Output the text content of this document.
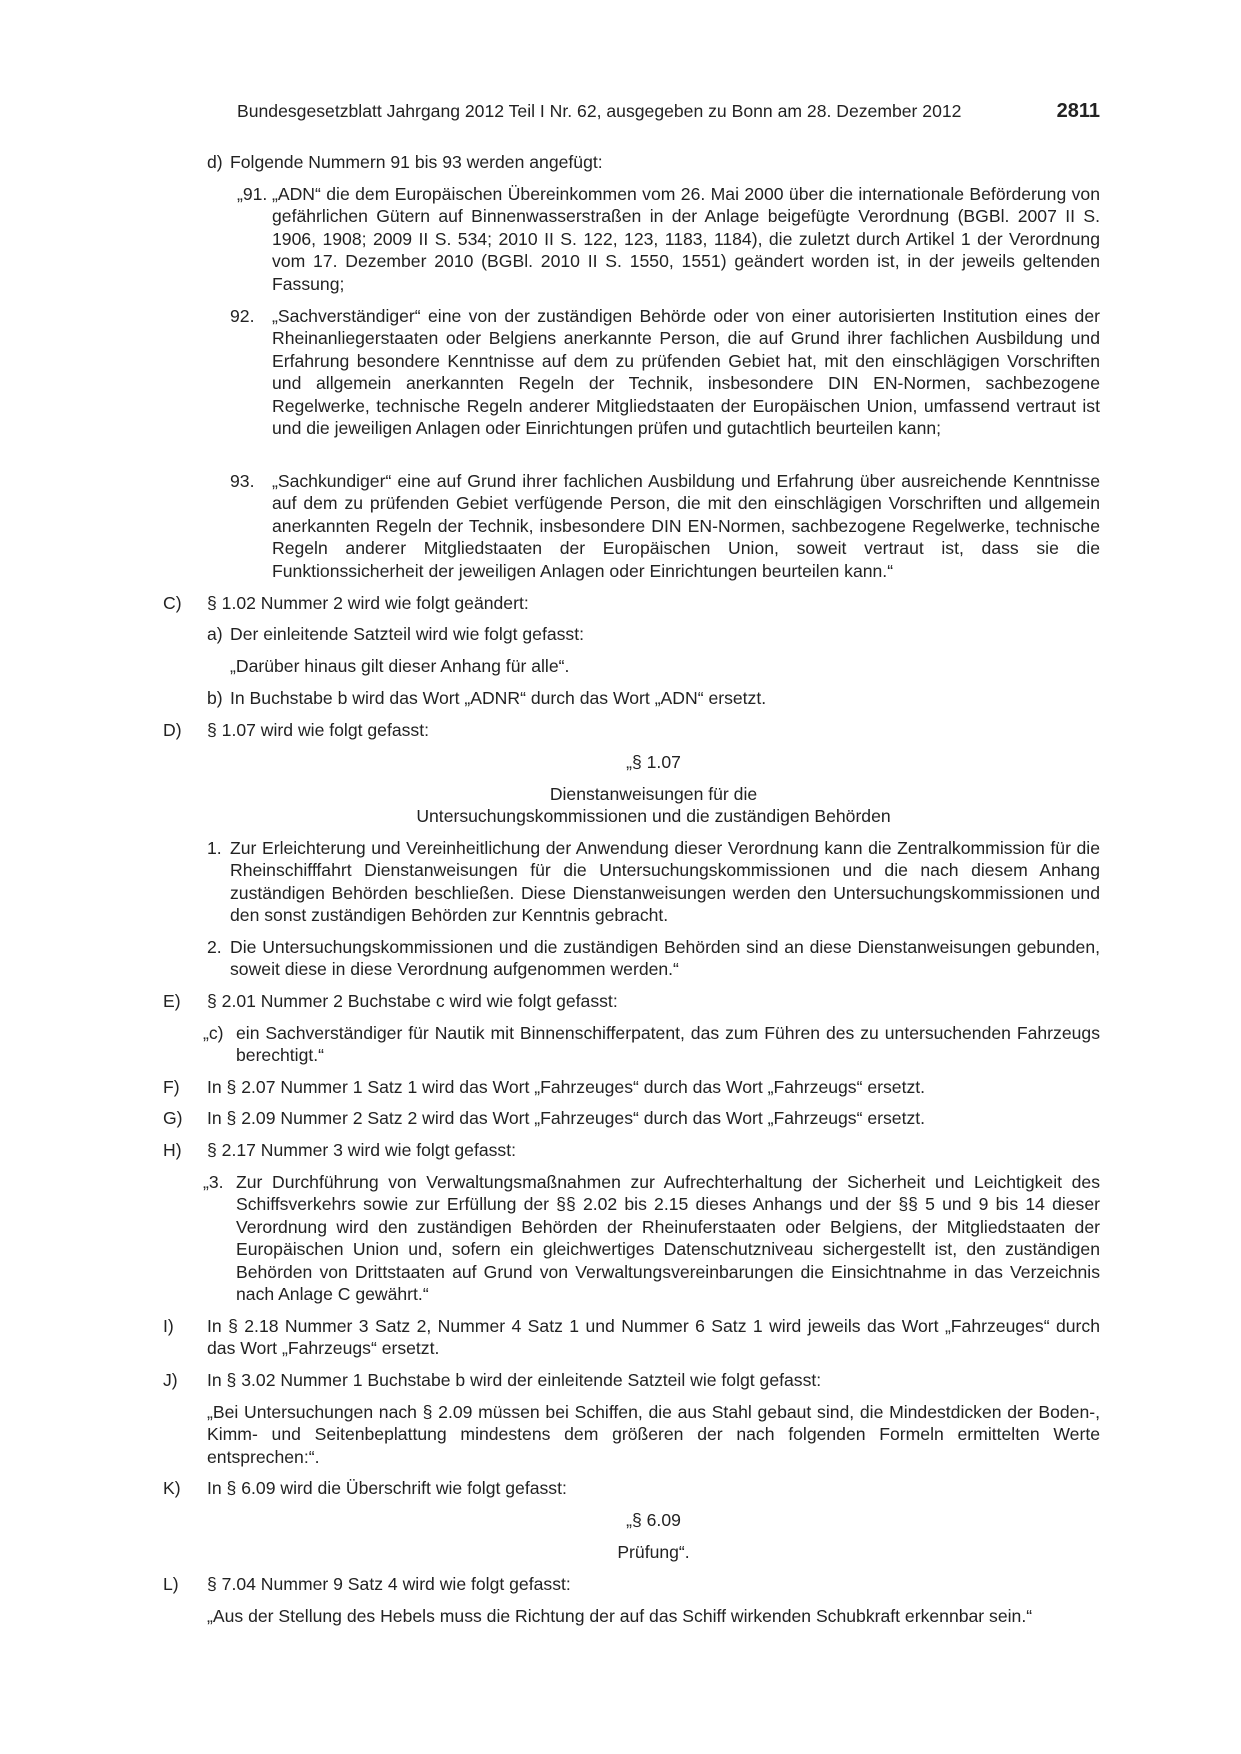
Bundesgesetzblatt Jahrgang 2012 Teil I Nr. 62, ausgegeben zu Bonn am 28. Dezember 2012	2811

d) Folgende Nummern 91 bis 93 werden angefügt:

„91. „ADN“ die dem Europäischen Übereinkommen vom 26. Mai 2000 über die internationale Beförderung von gefährlichen Gütern auf Binnenwasserstraßen in der Anlage beigefügte Verordnung (BGBl. 2007 II S. 1906, 1908; 2009 II S. 534; 2010 II S. 122, 123, 1183, 1184), die zuletzt durch Artikel 1 der Verordnung vom 17. Dezember 2010 (BGBl. 2010 II S. 1550, 1551) geändert worden ist, in der jeweils geltenden Fassung;

92. „Sachverständiger“ eine von der zuständigen Behörde oder von einer autorisierten Institution eines der Rheinanliegerstaaten oder Belgiens anerkannte Person, die auf Grund ihrer fachlichen Ausbildung und Erfahrung besondere Kenntnisse auf dem zu prüfenden Gebiet hat, mit den einschlägigen Vorschriften und allgemein anerkannten Regeln der Technik, insbesondere DIN EN-Normen, sachbezogene Regelwerke, technische Regeln anderer Mitgliedstaaten der Europäischen Union, umfassend vertraut ist und die jeweiligen Anlagen oder Einrichtungen prüfen und gutachtlich beurteilen kann;

93. „Sachkundiger“ eine auf Grund ihrer fachlichen Ausbildung und Erfahrung über ausreichende Kenntnisse auf dem zu prüfenden Gebiet verfügende Person, die mit den einschlägigen Vorschriften und allgemein anerkannten Regeln der Technik, insbesondere DIN EN-Normen, sachbezogene Regelwerke, technische Regeln anderer Mitgliedstaaten der Europäischen Union, soweit vertraut ist, dass sie die Funktionssicherheit der jeweiligen Anlagen oder Einrichtungen beurteilen kann.“

C) § 1.02 Nummer 2 wird wie folgt geändert:

a) Der einleitende Satzteil wird wie folgt gefasst:

„Darüber hinaus gilt dieser Anhang für alle“.

b) In Buchstabe b wird das Wort „ADNR“ durch das Wort „ADN“ ersetzt.

D) § 1.07 wird wie folgt gefasst:

„§ 1.07

Dienstanweisungen für die

Untersuchungskommissionen und die zuständigen Behörden

1. Zur Erleichterung und Vereinheitlichung der Anwendung dieser Verordnung kann die Zentralkommission für die Rheinschifffahrt Dienstanweisungen für die Untersuchungskommissionen und die nach diesem Anhang zuständigen Behörden beschließen. Diese Dienstanweisungen werden den Untersuchungskommissionen und den sonst zuständigen Behörden zur Kenntnis gebracht.

2. Die Untersuchungskommissionen und die zuständigen Behörden sind an diese Dienstanweisungen gebunden, soweit diese in diese Verordnung aufgenommen werden.“

E) § 2.01 Nummer 2 Buchstabe c wird wie folgt gefasst:

„c) ein Sachverständiger für Nautik mit Binnenschifferpatent, das zum Führen des zu untersuchenden Fahrzeugs berechtigt.“

F) In § 2.07 Nummer 1 Satz 1 wird das Wort „Fahrzeuges“ durch das Wort „Fahrzeugs“ ersetzt.

G) In § 2.09 Nummer 2 Satz 2 wird das Wort „Fahrzeuges“ durch das Wort „Fahrzeugs“ ersetzt.

H) § 2.17 Nummer 3 wird wie folgt gefasst:

„3. Zur Durchführung von Verwaltungsmaßnahmen zur Aufrechterhaltung der Sicherheit und Leichtigkeit des Schiffsverkehrs sowie zur Erfüllung der §§ 2.02 bis 2.15 dieses Anhangs und der §§ 5 und 9 bis 14 dieser Verordnung wird den zuständigen Behörden der Rheinuferstaaten oder Belgiens, der Mitgliedstaaten der Europäischen Union und, sofern ein gleichwertiges Datenschutzniveau sichergestellt ist, den zuständigen Behörden von Drittstaaten auf Grund von Verwaltungsvereinbarungen die Einsichtnahme in das Verzeichnis nach Anlage C gewährt.“

I) In § 2.18 Nummer 3 Satz 2, Nummer 4 Satz 1 und Nummer 6 Satz 1 wird jeweils das Wort „Fahrzeuges“ durch das Wort „Fahrzeugs“ ersetzt.

J) In § 3.02 Nummer 1 Buchstabe b wird der einleitende Satzteil wie folgt gefasst:

„Bei Untersuchungen nach § 2.09 müssen bei Schiffen, die aus Stahl gebaut sind, die Mindestdicken der Boden-, Kimm- und Seitenbeplattung mindestens dem größeren der nach folgenden Formeln ermittelten Werte entsprechen:“.

K) In § 6.09 wird die Überschrift wie folgt gefasst:

„§ 6.09

Prüfung“.

L) § 7.04 Nummer 9 Satz 4 wird wie folgt gefasst:

„Aus der Stellung des Hebels muss die Richtung der auf das Schiff wirkenden Schubkraft erkennbar sein.“
